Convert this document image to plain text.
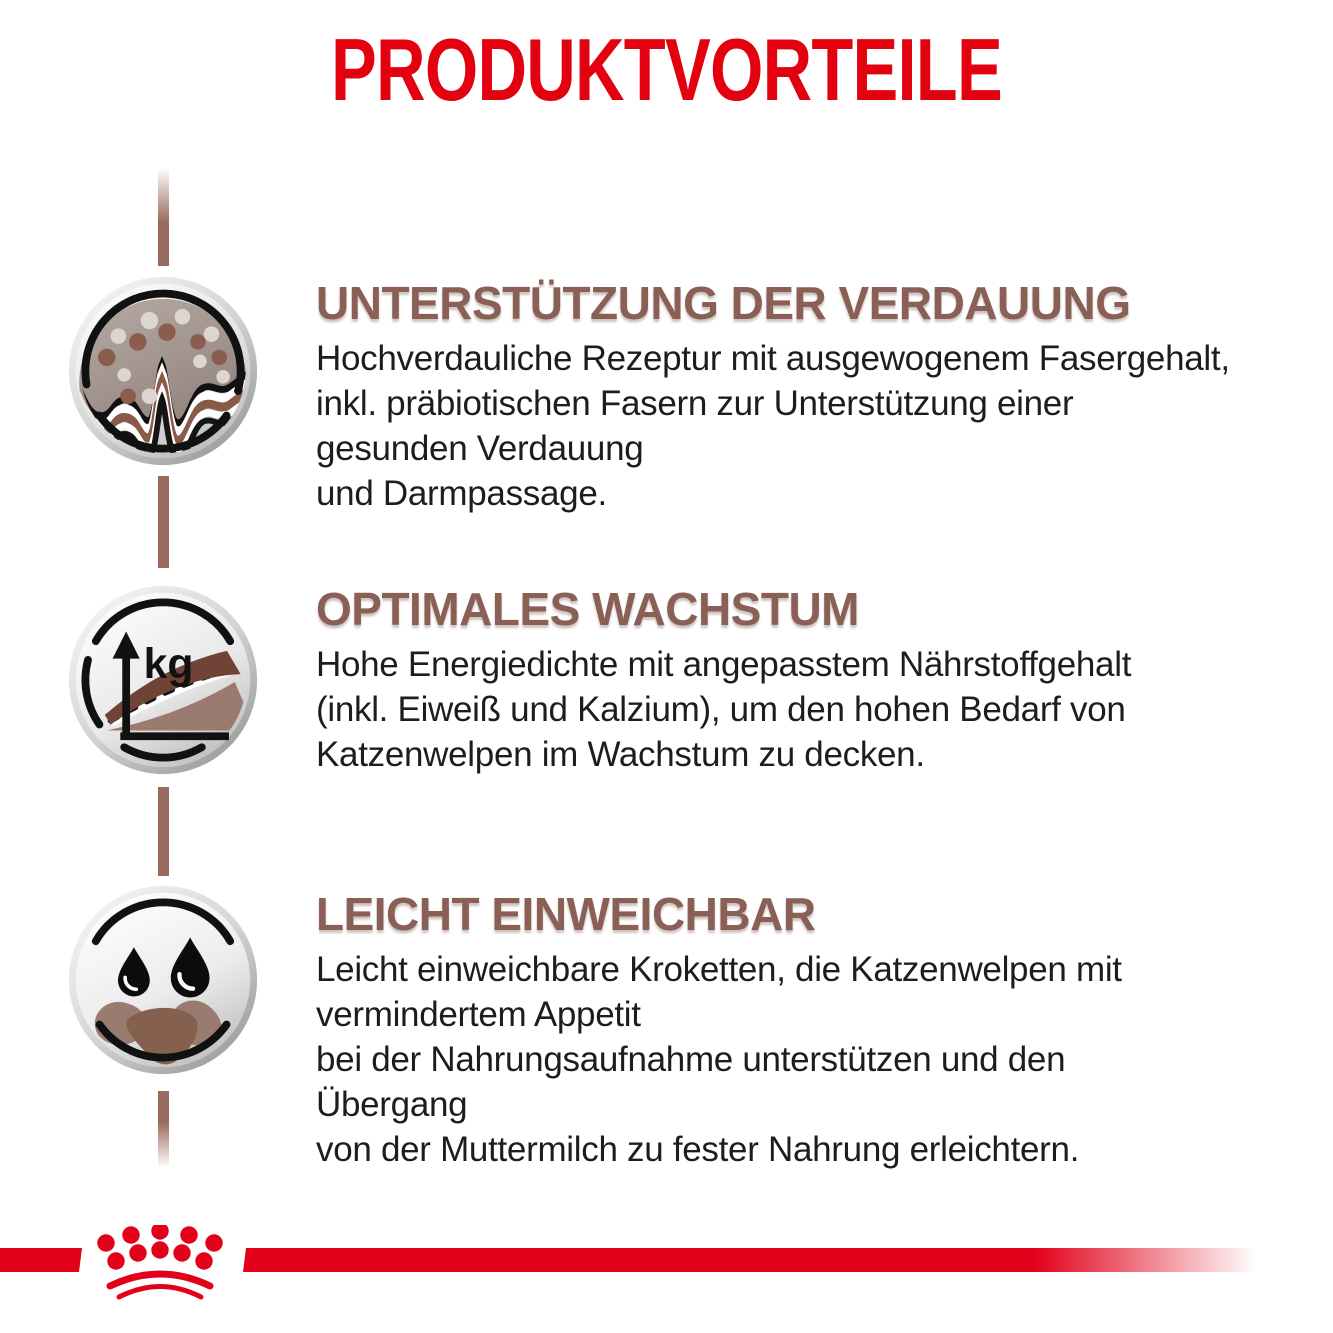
PRODUKTVORTEILE
kg
UNTERSTÜTZUNG DER VERDAUUNG
Hochverdauliche Rezeptur mit ausgewogenem Fasergehalt,
inkl. präbiotischen Fasern zur Unterstützung einer
gesunden Verdauung
und Darmpassage.
OPTIMALES WACHSTUM
Hohe Energiedichte mit angepasstem Nährstoffgehalt
(inkl. Eiweiß und Kalzium), um den hohen Bedarf von
Katzenwelpen im Wachstum zu decken.
LEICHT EINWEICHBAR
Leicht einweichbare Kroketten, die Katzenwelpen mit
vermindertem Appetit
bei der Nahrungsaufnahme unterstützen und den
Übergang
von der Muttermilch zu fester Nahrung erleichtern.
